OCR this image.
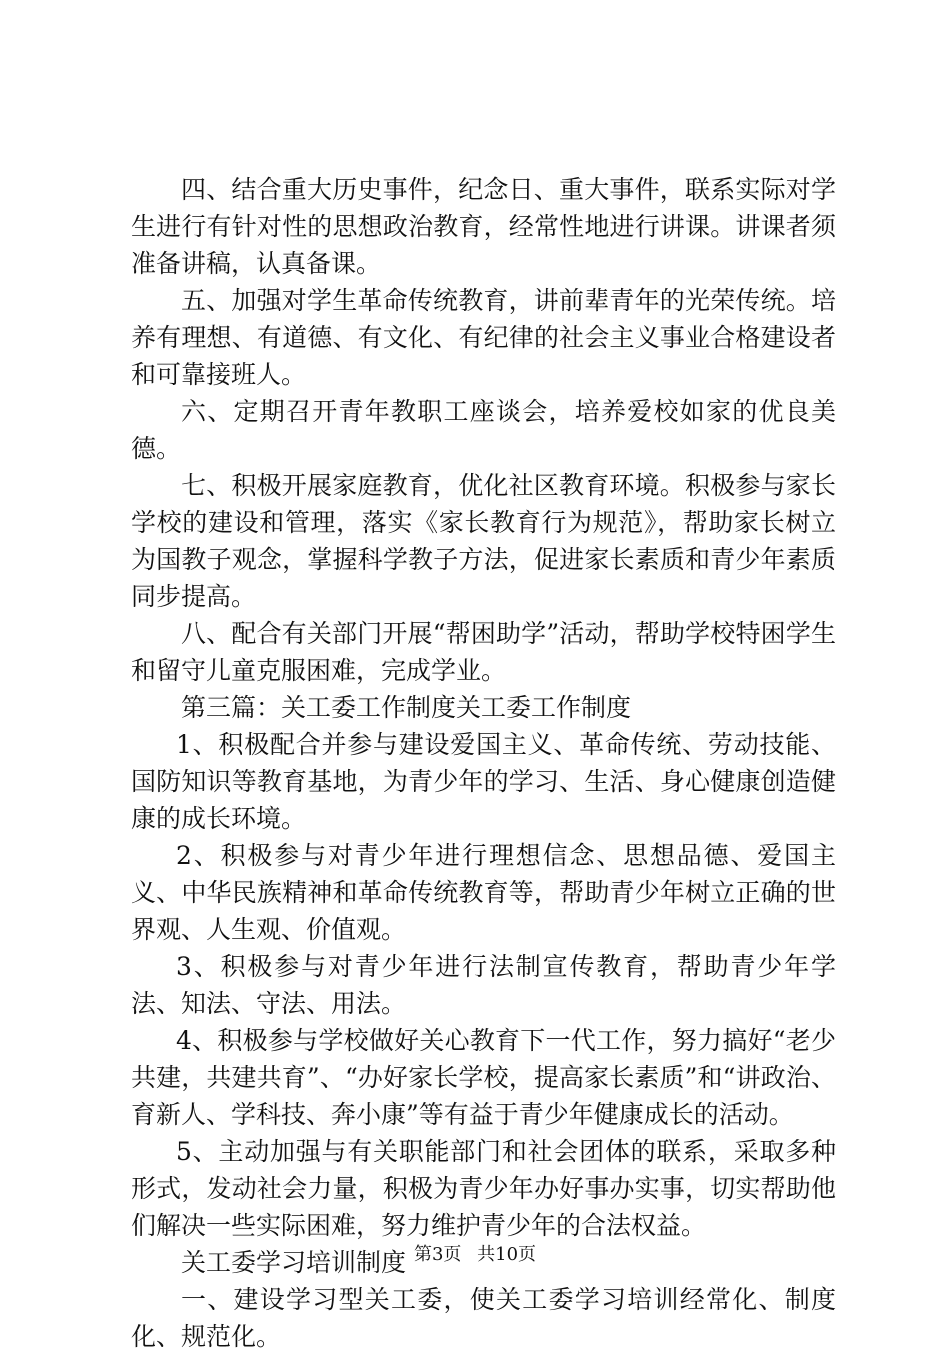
四、结合重大历史事件，纪念日、重大事件，联系实际对学生进行有针对性的思想政治教育，经常性地进行讲课。讲课者须准备讲稿，认真备课。

五、加强对学生革命传统教育，讲前辈青年的光荣传统。培养有理想、有道德、有文化、有纪律的社会主义事业合格建设者和可靠接班人。

六、定期召开青年教职工座谈会，培养爱校如家的优良美德。

七、积极开展家庭教育，优化社区教育环境。积极参与家长学校的建设和管理，落实《家长教育行为规范》，帮助家长树立为国教子观念，掌握科学教子方法，促进家长素质和青少年素质同步提高。

八、配合有关部门开展“帮困助学”活动，帮助学校特困学生和留守儿童克服困难，完成学业。

第三篇：关工委工作制度关工委工作制度

1、积极配合并参与建设爱国主义、革命传统、劳动技能、国防知识等教育基地，为青少年的学习、生活、身心健康创造健康的成长环境。

2、积极参与对青少年进行理想信念、思想品德、爱国主义、中华民族精神和革命传统教育等，帮助青少年树立正确的世界观、人生观、价值观。

3、积极参与对青少年进行法制宣传教育，帮助青少年学法、知法、守法、用法。

4、积极参与学校做好关心教育下一代工作，努力搞好“老少共建，共建共育”、“办好家长学校，提高家长素质”和“讲政治、育新人、学科技、奔小康”等有益于青少年健康成长的活动。

5、主动加强与有关职能部门和社会团体的联系，采取多种形式，发动社会力量，积极为青少年办好事办实事，切实帮助他们解决一些实际困难，努力维护青少年的合法权益。

关工委学习培训制度

一、建设学习型关工委，使关工委学习培训经常化、制度化、规范化。

第3页 共10页
